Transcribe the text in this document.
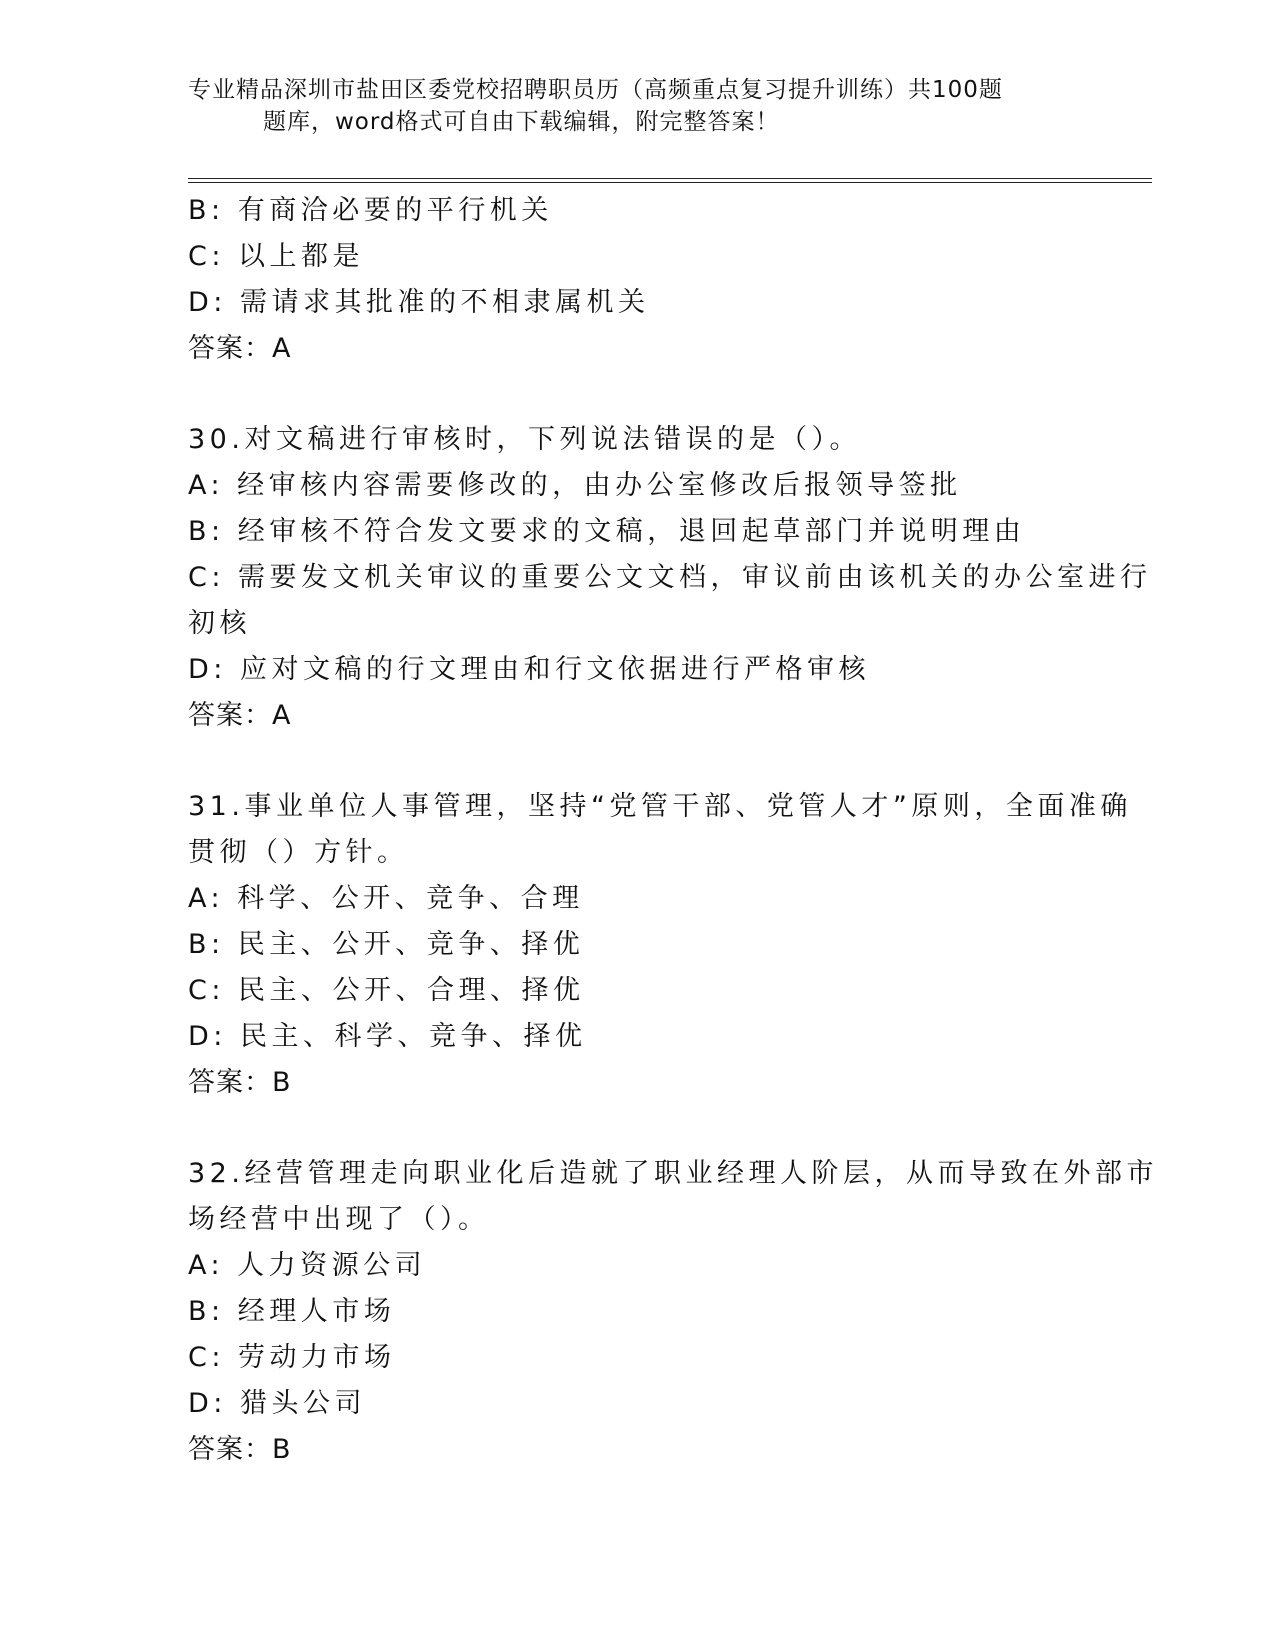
专业精品深圳市盐田区委党校招聘职员历（高频重点复习提升训练）共100题
题库，word格式可自由下载编辑，附完整答案！
B: 有商洽必要的平行机关
C: 以上都是
D: 需请求其批准的不相隶属机关
答案：A
30.对文稿进行审核时，下列说法错误的是（）。
A: 经审核内容需要修改的，由办公室修改后报领导签批
B: 经审核不符合发文要求的文稿，退回起草部门并说明理由
C: 需要发文机关审议的重要公文文档，审议前由该机关的办公室进行
初核
D: 应对文稿的行文理由和行文依据进行严格审核
答案：A
31.事业单位人事管理，坚持“党管干部、党管人才”原则，全面准确
贯彻（）方针。
A: 科学、公开、竞争、合理
B: 民主、公开、竞争、择优
C: 民主、公开、合理、择优
D: 民主、科学、竞争、择优
答案：B
32.经营管理走向职业化后造就了职业经理人阶层，从而导致在外部市
场经营中出现了（）。
A: 人力资源公司
B: 经理人市场
C: 劳动力市场
D: 猎头公司
答案：B
